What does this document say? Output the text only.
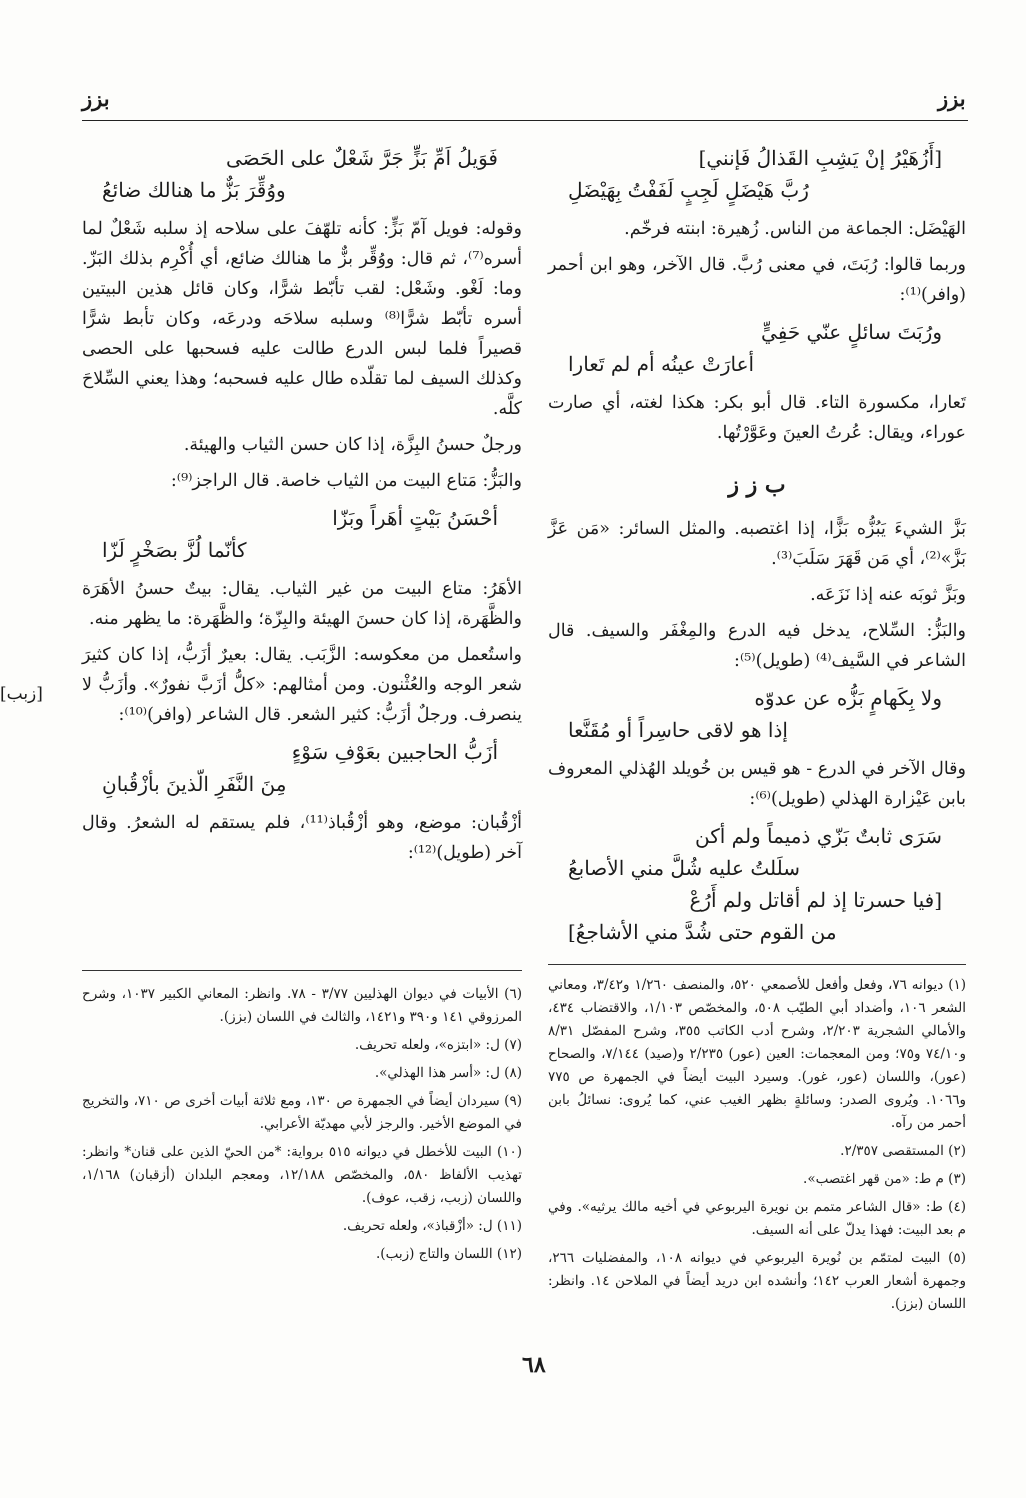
بزز
بزز
[أَزُهَيْرُ إنْ يَشِبِ القَذالُ فَإنني]
رُبَّ هَيْضَلٍ لَجِبٍ لَفَفْتُ بِهَيْضَلِ

الهَيْضَل: الجماعة من الناس. زُهيرة: ابنته فرخّم.

وربما قالوا: رُبَتَ، في معنى رُبَّ. قال الآخر، وهو ابن أحمر (وافر)⁽¹⁾:

ورُبَتَ سائلٍ عنّي حَفِيٍّ
أعارَتْ عينُه أم لم تَعارا

تَعارا، مكسورة التاء. قال أبو بكر: هكذا لغته، أي صارت عوراء، ويقال: عُرتُ العينَ وعَوَّرْتُها.

ب ز ز

بَزَّ الشيءَ يَبُزُّه بَزًّا، إذا اغتصبه. والمثل السائر: «مَن عَزَّ بَزَّ»⁽²⁾، أي مَن قَهَرَ سَلَبَ⁽³⁾.

وبَزَّ ثوبَه عنه إذا نَزَعَه.

والبَزُّ: السِّلاح، يدخل فيه الدرع والمِغْفَر والسيف. قال الشاعر في السَّيف⁽⁴⁾ (طويل)⁽⁵⁾:

ولا بِكَهامٍ بَزُّه عن عدوّه
إذا هو لاقى حاسِراً أو مُقَنَّعا

وقال الآخر في الدرع - هو قيس بن خُويلد الهُذلي المعروف بابن عَيْزارة الهذلي (طويل)⁽⁶⁾:

سَرَى ثابتٌ بَزّي ذميماً ولم أكن
سلَلتُ عليه شُلَّ مني الأصابعُ
[فيا حسرتا إذ لم أقاتل ولم أَرُعْ
من القوم حتى شُدَّ مني الأشاجعُ]
فَوَيلُ اَمِّ بَزٍّ جَرَّ شَعْلٌ على الحَصَى
ووُقِّرَ بَزٌّ ما هنالك ضائعُ

وقوله: فويل آمّ بَزٍّ: كأنه تلهّفَ على سلاحه إذ سلبه شَعْلٌ لما أسره⁽⁷⁾، ثم قال: ووُقِّر بزٌّ ما هنالك ضائع، أي أُكْرِم بذلك البَزّ. وما: لَغْو. وشَعْل: لقب تأبّط شرًّا، وكان قائل هذين البيتين أسره تأبّط شرًّا⁽⁸⁾ وسلبه سلاحَه ودرعَه، وكان تأبط شرًّا قصيراً فلما لبس الدرع طالت عليه فسحبها على الحصى وكذلك السيف لما تقلّده طال عليه فسحبه؛ وهذا يعني السِّلاحَ كلَّه.

ورجلٌ حسنُ البِزَّة، إذا كان حسن الثياب والهيئة.

والبَزُّ: مَتاع البيت من الثياب خاصة. قال الراجز⁽⁹⁾:

أحْسَنُ بَيْتٍ أهَراً وبَزّا
كأنّما لُزَّ بصَخْرٍ لَزّا

الأهَرُ: متاع البيت من غير الثياب. يقال: بيتٌ حسنُ الأهَرَة والظَّهَرة، إذا كان حسنَ الهيئة والبِزّة؛ والظَّهَرة: ما يظهر منه.

واستُعمل من معكوسه: الزَّبَب. يقال: بعيرٌ أزَبُّ، إذا كان كثيرَ شعر الوجه والعُثْنون. ومن أمثالهم: «كلُّ أزَبَّ نفورٌ». وأزَبُّ لا ينصرف. ورجلٌ أزَبُّ: كثير الشعر. قال الشاعر (وافر)⁽¹⁰⁾:

أزَبُّ الحاجبين بعَوْفِ سَوْءٍ
مِنَ النَّفَرِ الّذينَ بأزْقُبانِ

أزْقُبان: موضع، وهو أزْقُباذ⁽¹¹⁾، فلم يستقم له الشعرُ. وقال آخر (طويل)⁽¹²⁾:

[زبب]

(١) ديوانه ٧٦، وفعل وأفعل للأصمعي ٥٢٠، والمنصف ١/٢٦٠ و٣/٤٢، ومعاني الشعر ١٠٦، وأضداد أبي الطيّب ٥٠٨، والمخصّص ١/١٠٣، والاقتضاب ٤٣٤، والأمالي الشجرية ٢/٢٠٣، وشرح أدب الكاتب ٣٥٥، وشرح المفصّل ٨/٣١ و٧٤/١٠ و٧٥؛ ومن المعجمات: العين (عور) ٢/٢٣٥ و(صيد) ٧/١٤٤، والصحاح (عور)، واللسان (عور، غور). وسيرد البيت أيضاً في الجمهرة ص ٧٧٥ و١٠٦٦. ويُروى الصدر: وسائلةٍ بظهر الغيب عني، كما يُروى: نسائلُ بابن أحمر من رآه.

(٢) المستقصى ٢/٣٥٧.

(٣) م ط: «من قهر اغتصب».

(٤) ط: «قال الشاعر متمم بن نويرة اليربوعي في أخيه مالك يرثيه». وفي م بعد البيت: فهذا يدلّ على أنه السيف.

(٥) البيت لمتمّم بن نُويرة اليربوعي في ديوانه ١٠٨، والمفضليات ٢٦٦، وجمهرة أشعار العرب ١٤٢؛ وأنشده ابن دريد أيضاً في الملاحن ١٤. وانظر: اللسان (بزز).

(٦) الأبيات في ديوان الهذليين ٣/٧٧ - ٧٨. وانظر: المعاني الكبير ١٠٣٧، وشرح المرزوقي ١٤١ و٣٩٠ و١٤٢١، والثالث في اللسان (بزز).

(٧) ل: «ابتزه»، ولعله تحريف.

(٨) ل: «أسر هذا الهذلي».

(٩) سيردان أيضاً في الجمهرة ص ١٣٠، ومع ثلاثة أبيات أخرى ص ٧١٠، والتخريج في الموضع الأخير. والرجز لأبي مهديّة الأعرابي.

(١٠) البيت للأخطل في ديوانه ٥١٥ برواية: *من الحيّ الذين على قنان* وانظر: تهذيب الألفاظ ٥٨٠، والمخصّص ١٢/١٨٨، ومعجم البلدان (أزقبان) ١/١٦٨، واللسان (زبب، زقب، عوف).

(١١) ل: «أزْقباذ»، ولعله تحريف.

(١٢) اللسان والتاج (زبب).

٦٨
